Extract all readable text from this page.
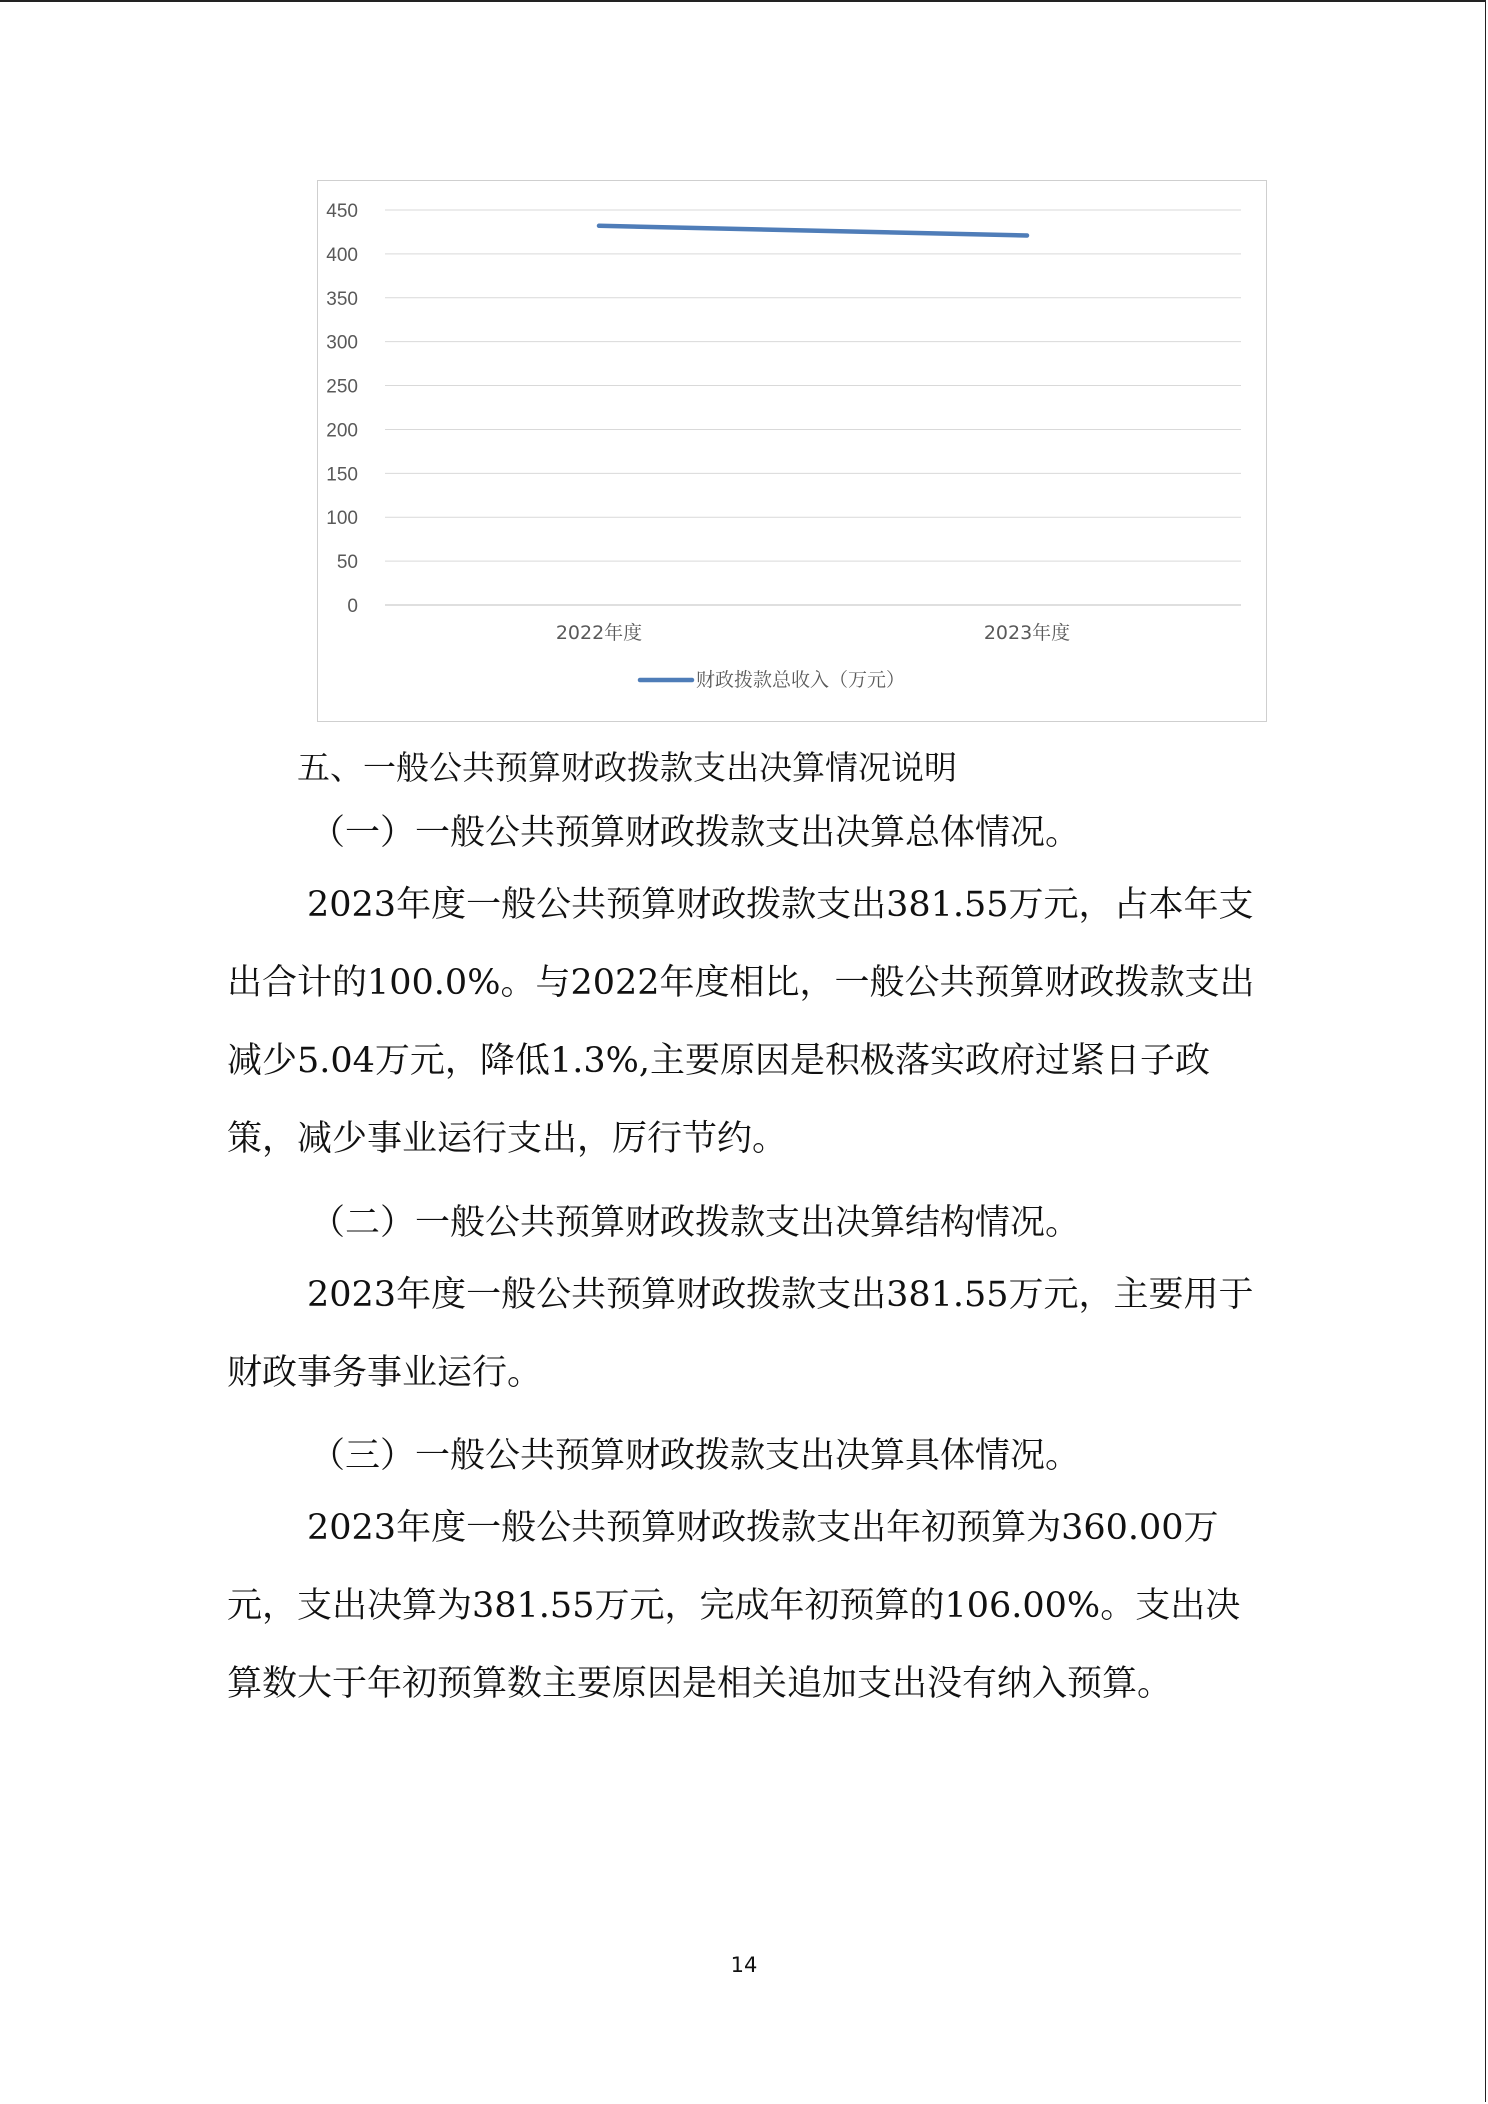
0
50
100
150
200
250
300
350
400
450
2022年度	2023年度
财政拨款总收入（万元）

五、一般公共预算财政拨款支出决算情况说明

（一）一般公共预算财政拨款支出决算总体情况。

2023年度一般公共预算财政拨款支出381.55万元，占本年支出合计的100.0%。与2022年度相比，一般公共预算财政拨款支出减少5.04万元，降低1.3%,主要原因是积极落实政府过紧日子政策，减少事业运行支出，厉行节约。

（二）一般公共预算财政拨款支出决算结构情况。

2023年度一般公共预算财政拨款支出381.55万元，主要用于财政事务事业运行。

（三）一般公共预算财政拨款支出决算具体情况。

2023年度一般公共预算财政拨款支出年初预算为360.00万元，支出决算为381.55万元，完成年初预算的106.00%。支出决算数大于年初预算数主要原因是相关追加支出没有纳入预算。

14
